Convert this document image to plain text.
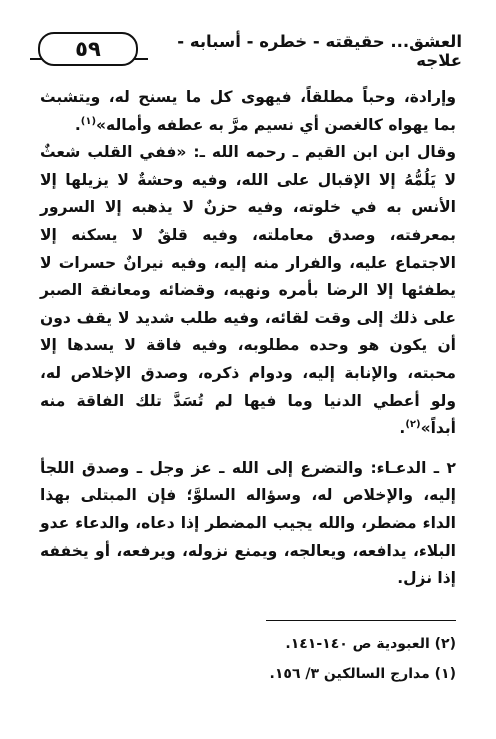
العشق... حقيقته - خطره - أسبابه - علاجه
٥٩

وإرادة، وحباً مطلقاً، فيهوى كل ما يسنح له، ويتشبث بما يهواه كالغصن أي نسيم مرَّ به عطفه وأماله»$^{(١)}$.

وقال ابن ابن القيم ـ رحمه الله ـ: «ففي القلب شعثٌ لا يَلُمُّهُ إلا الإقبال على الله، وفيه وحشةٌ لا يزيلها إلا الأنس به في خلوته، وفيه حزنٌ لا يذهبه إلا السرور بمعرفته، وصدق معاملته، وفيه قلقٌ لا يسكنه إلا الاجتماع عليه، والفرار منه إليه، وفيه نيرانٌ حسرات لا يطفئها إلا الرضا بأمره ونهيه، وقضائه ومعانقة الصبر على ذلك إلى وقت لقائه، وفيه طلب شديد لا يقف دون أن يكون هو وحده مطلوبه، وفيه فاقة لا يسدها إلا محبته، والإنابة إليه، ودوام ذكره، وصدق الإخلاص له، ولو أعطي الدنيا وما فيها لم تُسَدَّ تلك الفاقة منه أبداً»$^{(٢)}$.

٢ ـ الدعـاء: والتضرع إلى الله ـ عز وجل ـ وصدق اللجأ إليه، والإخلاص له، وسؤاله السلوَّ؛ فإن المبتلى بهذا الداء مضطر، والله يجيب المضطر إذا دعاه، والدعاء عدو البلاء، يدافعه، ويعالجه، ويمنع نزوله، ويرفعه، أو يخففه إذا نزل.

(٢) العبودية ص ١٤٠-١٤١.

(١) مدارج السالكين ٣/ ١٥٦.
